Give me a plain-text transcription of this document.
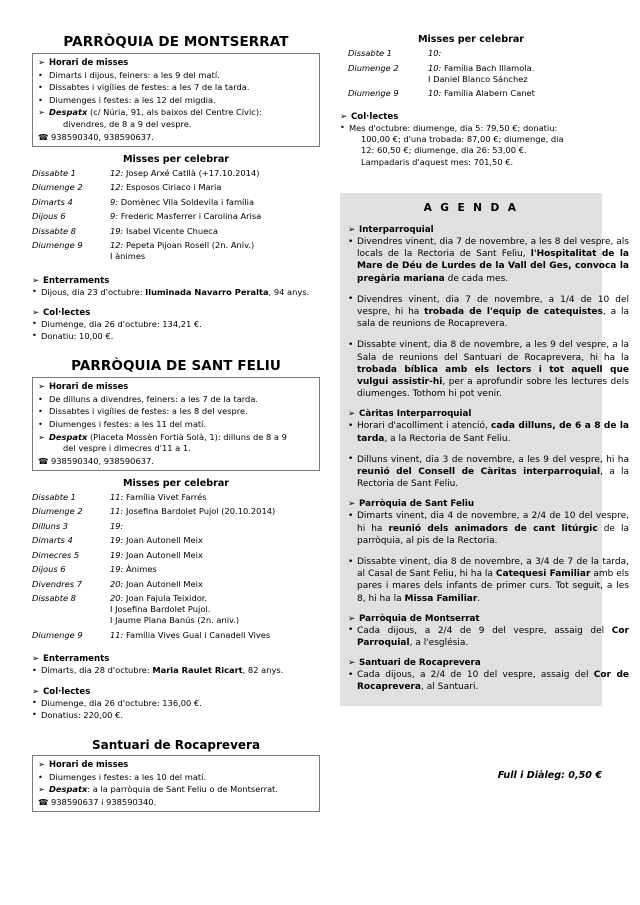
PARRÒQUIA DE MONTSERRAT
➢ Horari de misses
• Dimarts i dijous, feiners: a les 9 del matí.
• Dissabtes i vigílies de festes: a les 7 de la tarda.
• Diumenges i festes: a les 12 del migdia.
➢ Despatx (c/ Núria, 91, als baixos del Centre Cívic):
divendres, de 8 a 9 del vespre.
☎ 938590340, 938590637.
Misses per celebrar
Dissabte 1	12: Josep Arxé Catllà (+17.10.2014)
Diumenge 2	12: Esposos Ciriaco i Maria
Dimarts 4	9: Domènec Vila Soldevila i família
Dijous 6	9: Frederic Masferrer i Carolina Arisa
Dissabte 8	19: Isabel Vicente Chueca
Diumenge 9	12: Pepeta Pijoan Rosell (2n. Aniv.)
I ànimes
➢ Enterraments
• Dijous, dia 23 d'octubre: Iluminada Navarro Peralta, 94 anys.
➢ Col·lectes
• Diumenge, dia 26 d'octubre: 134,21 €.
• Donatiu: 10,00 €.
PARRÒQUIA DE SANT FELIU
➢ Horari de misses
• De dilluns a divendres, feiners: a les 7 de la tarda.
• Dissabtes i vigílies de festes: a les 8 del vespre.
• Diumenges i festes: a les 11 del matí.
➢ Despatx (Placeta Mossèn Fortià Solà, 1): dilluns de 8 a 9
del vespre i dimecres d'11 a 1.
☎ 938590340, 938590637.
Misses per celebrar
Dissabte 1	11: Família Vivet Farrés
Diumenge 2	11: Josefina Bardolet Pujol (20.10.2014)
Dilluns 3	19:
Dimarts 4	19: Joan Autonell Meix
Dimecres 5	19: Joan Autonell Meix
Dijous 6	19: Ànimes
Divendres 7	20: Joan Autonell Meix
Dissabte 8	20: Joan Fajula Teixidor.
I Josefina Bardolet Pujol.
I Jaume Plana Banús (2n. aniv.)

Diumenge 9	11: Família Vives Gual i Canadell Vives
➢ Enterraments
• Dimarts, dia 28 d'octubre: Maria Raulet Ricart, 82 anys.
➢ Col·lectes
• Diumenge, dia 26 d'octubre: 136,00 €.
• Donatius: 220,00 €.
Santuari de Rocaprevera
➢ Horari de misses
• Diumenges i festes: a les 10 del matí.
➢ Despatx: a la parròquia de Sant Feliu o de Montserrat.
☎ 938590637 i 938590340.
Misses per celebrar
Dissabte 1	10:
Diumenge 2	10: Família Bach Illamola.
I Daniel Blanco Sánchez

Diumenge 9	10: Família Alabern Canet
➢ Col·lectes
• Mes d'octubre: diumenge, dia 5: 79,50 €; donatiu:
100,00 €; d'una trobada: 87,00 €; diumenge, dia
12: 60,50 €; diumenge, dia 26: 53,00 €.
Lampadaris d'aquest mes: 701,50 €.
A G E N D A
➢ Interparroquial
• Divendres vinent, dia 7 de novembre, a les 8 del vespre, als locals de la Rectoria de Sant Feliu, l'Hospitalitat de la Mare de Déu de Lurdes de la Vall del Ges, convoca la pregària mariana de cada mes.
• Divendres vinent, dia 7 de novembre, a 1/4 de 10 del vespre, hi ha trobada de l'equip de catequistes, a la sala de reunions de Rocaprevera.
• Dissabte vinent, dia 8 de novembre, a les 9 del vespre, a la Sala de reunions del Santuari de Rocaprevera, hi ha la trobada bíblica amb els lectors i tot aquell que vulgui assistir-hi, per a aprofundir sobre les lectures dels diumenges. Tothom hi pot venir.
➢ Càritas Interparroquial
• Horari d'acolliment i atenció, cada dilluns, de 6 a 8 de la tarda, a la Rectoria de Sant Feliu.
• Dilluns vinent, dia 3 de novembre, a les 9 del vespre, hi ha reunió del Consell de Càritas interparroquial, a la Rectoria de Sant Feliu.
➢ Parròquia de Sant Feliu
• Dimarts vinent, dia 4 de novembre, a 2/4 de 10 del vespre, hi ha reunió dels animadors de cant litúrgic de la parròquia, al pis de la Rectoria.
• Dissabte vinent, dia 8 de novembre, a 3/4 de 7 de la tarda, al Casal de Sant Feliu, hi ha la Catequesi Familiar amb els pares i mares dels infants de primer curs. Tot seguit, a les 8, hi ha la Missa Familiar.
➢ Parròquia de Montserrat
• Cada dijous, a 2/4 de 9 del vespre, assaig del Cor Parroquial, a l'església.
➢ Santuari de Rocaprevera
• Cada dijous, a 2/4 de 10 del vespre, assaig del Cor de Rocaprevera, al Santuari.
Full i Diàleg: 0,50 €
